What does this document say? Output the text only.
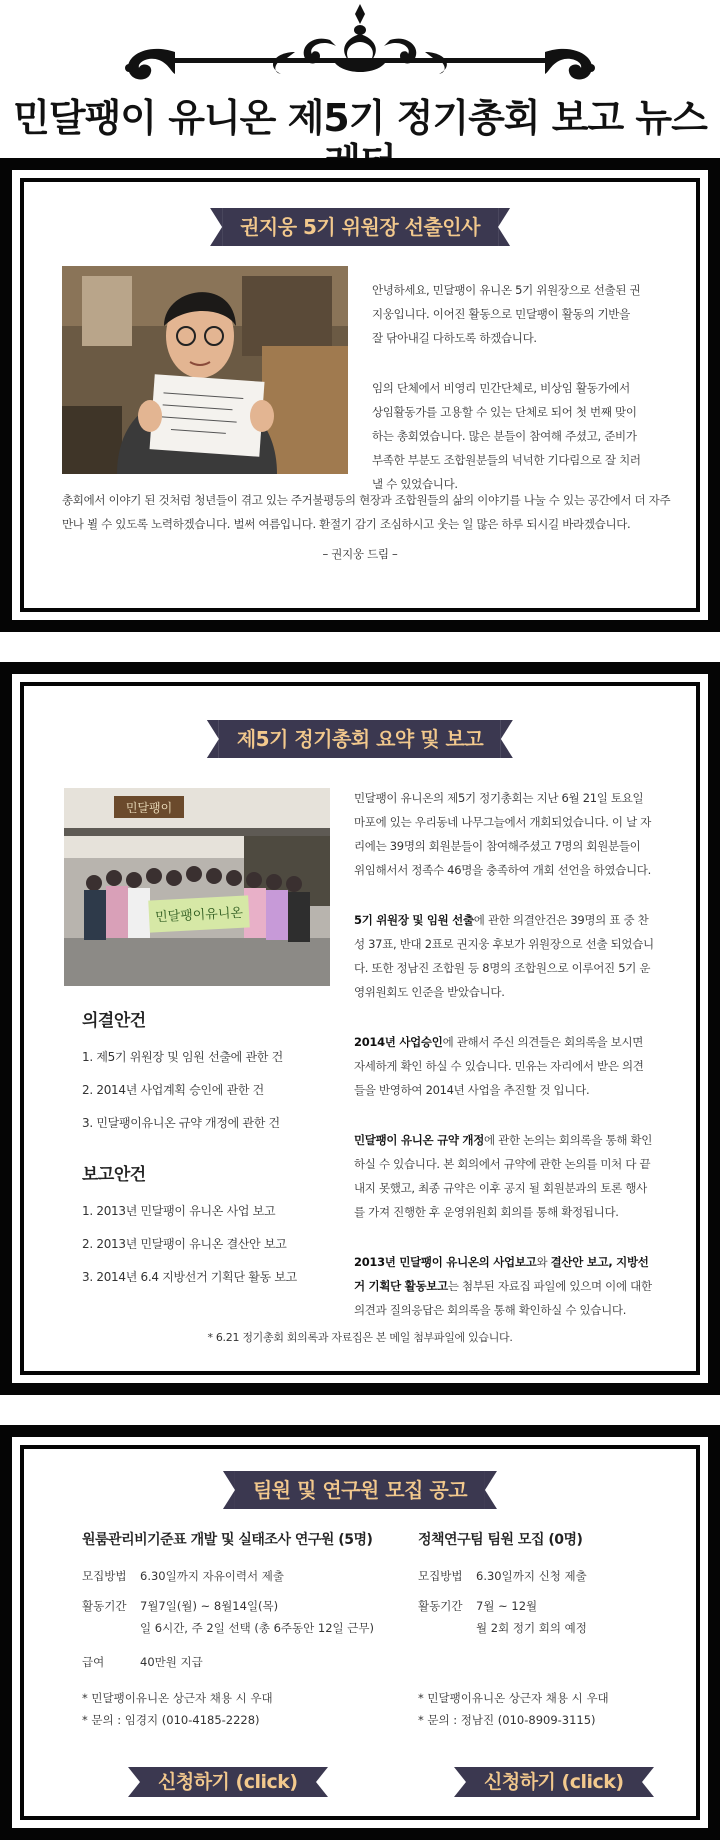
민달팽이 유니온 제5기 정기총회 보고 뉴스
권지웅 5기 위원장 선출인사

안녕하세요, 민달팽이 유니온 5기 위원장으로 선출된 권지웅입니다. 이어진 활동으로 민달팽이 활동의 기반을 잘 닦아내길 다하도록 하겠습니다.

임의 단체에서 비영리 민간단체로, 비상임 활동가에서 상임활동가를 고용할 수 있는 단체로 되어 첫 번째 맞이하는 총회였습니다. 많은 분들이 참여해 주셨고, 준비가 부족한 부분도 조합원분들의 넉넉한 기다림으로 잘 치러낼 수 있었습니다.

총회에서 이야기 된 것처럼 청년들이 겪고 있는 주거불평등의 현장과 조합원들의 삶의 이야기를 나눌 수 있는 공간에서 더 자주 만나 뵐 수 있도록 노력하겠습니다. 벌써 여름입니다. 환절기 감기 조심하시고 웃는 일 많은 하루 되시길 바라겠습니다.
– 권지웅 드림 –
제5기 정기총회 요약 및 보고
민달팽이
민달팽이유니온
의결안건
1. 제5기 위원장 및 임원 선출에 관한 건
2. 2014년 사업계획 승인에 관한 건
3. 민달팽이유니온 규약 개정에 관한 건
보고안건
1. 2013년 민달팽이 유니온 사업 보고
2. 2013년 민달팽이 유니온 결산안 보고
3. 2014년 6.4 지방선거 기획단 활동 보고

민달팽이 유니온의 제5기 정기총회는 지난 6월 21일 토요일 마포에 있는 우리동네 나무그늘에서 개회되었습니다. 이 날 자리에는 39명의 회원분들이 참여해주셨고 7명의 회원분들이 위임해서서 정족수 46명을 충족하여 개회 선언을 하였습니다.

5기 위원장 및 임원 선출에 관한 의결안건은 39명의 표 중 찬성 37표, 반대 2표로 권지웅 후보가 위원장으로 선출 되었습니다. 또한 정남진 조합원 등 8명의 조합원으로 이루어진 5기 운영위원회도 인준을 받았습니다.

2014년 사업승인에 관해서 주신 의견들은 회의록을 보시면 자세하게 확인 하실 수 있습니다. 민유는 자리에서 받은 의견들을 반영하여 2014년 사업을 추진할 것 입니다.

민달팽이 유니온 규약 개정에 관한 논의는 회의록을 통해 확인하실 수 있습니다. 본 회의에서 규약에 관한 논의를 미처 다 끝내지 못했고, 최종 규약은 이후 공지 될 회원분과의 토론 행사를 가져 진행한 후 운영위원회 회의를 통해 확정됩니다.

2013년 민달팽이 유니온의 사업보고와 결산안 보고, 지방선거 기획단 활동보고는 첨부된 자료집 파일에 있으며 이에 대한 의견과 질의응답은 회의록을 통해 확인하실 수 있습니다.

* 6.21 정기총회 회의록과 자료집은 본 메일 첨부파일에 있습니다.
팀원 및 연구원 모집 공고
원룸관리비기준표 개발 및 실태조사 연구원 (5명)
모집방법	6.30일까지 자유이력서 제출
활동기간	7월7일(월) ~ 8월14일(목)
일 6시간, 주 2일 선택 (총 6주동안 12일 근무)
급여	40만원 지급
* 민달팽이유니온 상근자 채용 시 우대
* 문의 : 임경지 (010-4185-2228)
정책연구팀 팀원 모집 (0명)
모집방법	6.30일까지 신청 제출
활동기간	7월 ~ 12월
월 2회 정기 회의 예정
* 민달팽이유니온 상근자 채용 시 우대
* 문의 : 정남진 (010-8909-3115)
신청하기 (click)	신청하기 (click)
